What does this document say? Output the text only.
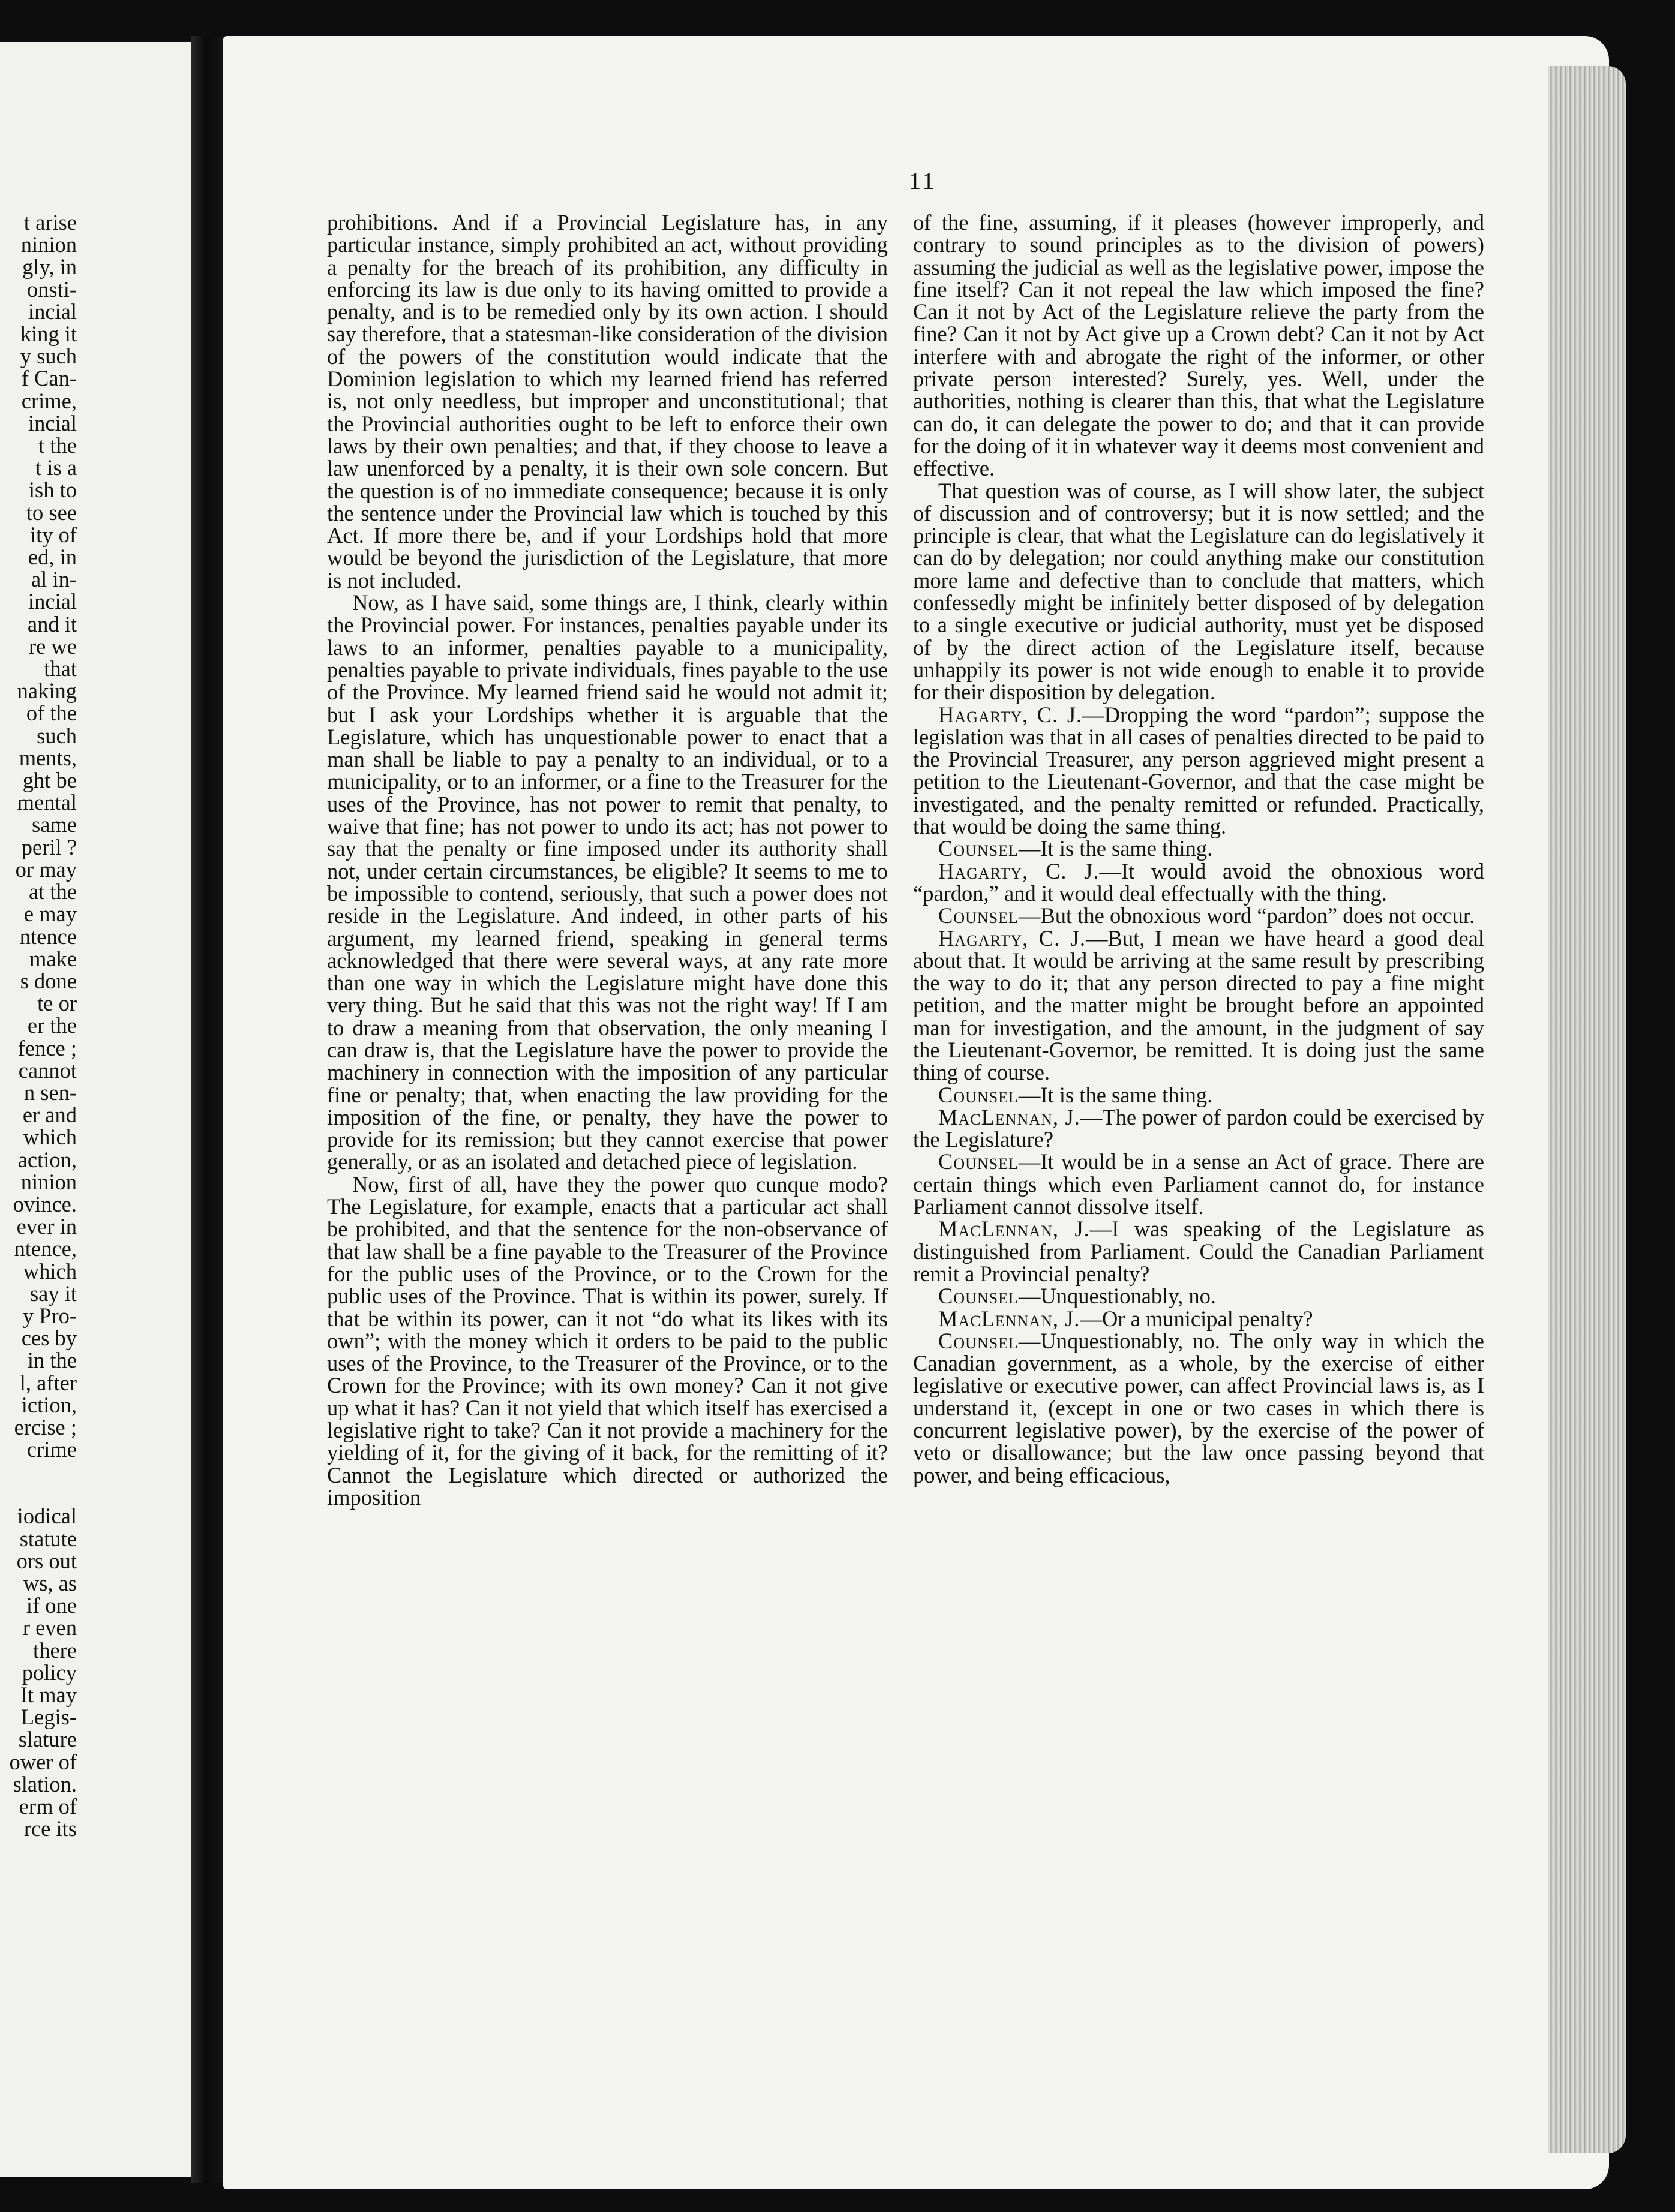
t arise
ninion
gly, in
onsti-
incial
king it
y such
f Can-
crime,
incial
t the
t is a
ish to
to see
ity of
ed, in
al in-
incial
and it
re we
that
naking
of the
such
ments,
ght be
mental
same
peril ?
or may
at the
e may
ntence
make
s done
te or
er the
fence ;
cannot
n sen-
er and
which
action,
ninion
ovince.
ever in
ntence,
which
say it
y Pro-
ces by
in the
l, after
iction,
ercise ;
crime
iodical
statute
ors out
ws, as
if one
r even
there
policy
It may
Legis-
slature
ower of
slation.
erm of
rce its
11

prohibitions. And if a Provincial Legislature has, in any particular instance, simply prohibited an act, without providing a penalty for the breach of its prohibition, any difficulty in enforcing its law is due only to its having omitted to provide a penalty, and is to be remedied only by its own action. I should say therefore, that a statesman-like consideration of the division of the powers of the constitution would indicate that the Dominion legislation to which my learned friend has referred is, not only needless, but improper and unconstitutional; that the Provincial authorities ought to be left to enforce their own laws by their own penalties; and that, if they choose to leave a law unenforced by a penalty, it is their own sole concern. But the question is of no immediate consequence; because it is only the sentence under the Provincial law which is touched by this Act. If more there be, and if your Lordships hold that more would be beyond the jurisdiction of the Legislature, that more is not included.

Now, as I have said, some things are, I think, clearly within the Provincial power. For instances, penalties payable under its laws to an informer, penalties payable to a municipality, penalties payable to private individuals, fines payable to the use of the Province. My learned friend said he would not admit it; but I ask your Lordships whether it is arguable that the Legislature, which has unquestionable power to enact that a man shall be liable to pay a penalty to an individual, or to a municipality, or to an informer, or a fine to the Treasurer for the uses of the Province, has not power to remit that penalty, to waive that fine; has not power to undo its act; has not power to say that the penalty or fine imposed under its authority shall not, under certain circumstances, be eligible? It seems to me to be impossible to contend, seriously, that such a power does not reside in the Legislature. And indeed, in other parts of his argument, my learned friend, speaking in general terms acknowledged that there were several ways, at any rate more than one way in which the Legislature might have done this very thing. But he said that this was not the right way! If I am to draw a meaning from that observation, the only meaning I can draw is, that the Legislature have the power to provide the machinery in connection with the imposition of any particular fine or penalty; that, when enacting the law providing for the imposition of the fine, or penalty, they have the power to provide for its remission; but they cannot exercise that power generally, or as an isolated and detached piece of legislation.

Now, first of all, have they the power quo cunque modo? The Legislature, for example, enacts that a particular act shall be prohibited, and that the sentence for the non-observance of that law shall be a fine payable to the Treasurer of the Province for the public uses of the Province, or to the Crown for the public uses of the Province. That is within its power, surely. If that be within its power, can it not “do what its likes with its own”; with the money which it orders to be paid to the public uses of the Province, to the Treasurer of the Province, or to the Crown for the Province; with its own money? Can it not give up what it has? Can it not yield that which itself has exercised a legislative right to take? Can it not provide a machinery for the yielding of it, for the giving of it back, for the remitting of it? Cannot the Legislature which directed or authorized the imposition

of the fine, assuming, if it pleases (however improperly, and contrary to sound principles as to the division of powers) assuming the judicial as well as the legislative power, impose the fine itself? Can it not repeal the law which imposed the fine? Can it not by Act of the Legislature relieve the party from the fine? Can it not by Act give up a Crown debt? Can it not by Act interfere with and abrogate the right of the informer, or other private person interested? Surely, yes. Well, under the authorities, nothing is clearer than this, that what the Legislature can do, it can delegate the power to do; and that it can provide for the doing of it in whatever way it deems most convenient and effective.

That question was of course, as I will show later, the subject of discussion and of controversy; but it is now settled; and the principle is clear, that what the Legislature can do legislatively it can do by delegation; nor could anything make our constitution more lame and defective than to conclude that matters, which confessedly might be infinitely better disposed of by delegation to a single executive or judicial authority, must yet be disposed of by the direct action of the Legislature itself, because unhappily its power is not wide enough to enable it to provide for their disposition by delegation.

Hagarty, C. J.—Dropping the word “pardon”; suppose the legislation was that in all cases of penalties directed to be paid to the Provincial Treasurer, any person aggrieved might present a petition to the Lieutenant-Governor, and that the case might be investigated, and the penalty remitted or refunded. Practically, that would be doing the same thing.

Counsel—It is the same thing.

Hagarty, C. J.—It would avoid the obnoxious word “pardon,” and it would deal effectually with the thing.

Counsel—But the obnoxious word “pardon” does not occur.

Hagarty, C. J.—But, I mean we have heard a good deal about that. It would be arriving at the same result by prescribing the way to do it; that any person directed to pay a fine might petition, and the matter might be brought before an appointed man for investigation, and the amount, in the judgment of say the Lieutenant-Governor, be remitted. It is doing just the same thing of course.

Counsel—It is the same thing.

MacLennan, J.—The power of pardon could be exercised by the Legislature?

Counsel—It would be in a sense an Act of grace. There are certain things which even Parliament cannot do, for instance Parliament cannot dissolve itself.

MacLennan, J.—I was speaking of the Legislature as distinguished from Parliament. Could the Canadian Parliament remit a Provincial penalty?

Counsel—Unquestionably, no.

MacLennan, J.—Or a municipal penalty?

Counsel—Unquestionably, no. The only way in which the Canadian government, as a whole, by the exercise of either legislative or executive power, can affect Provincial laws is, as I understand it, (except in one or two cases in which there is concurrent legislative power), by the exercise of the power of veto or disallowance; but the law once passing beyond that power, and being efficacious,
